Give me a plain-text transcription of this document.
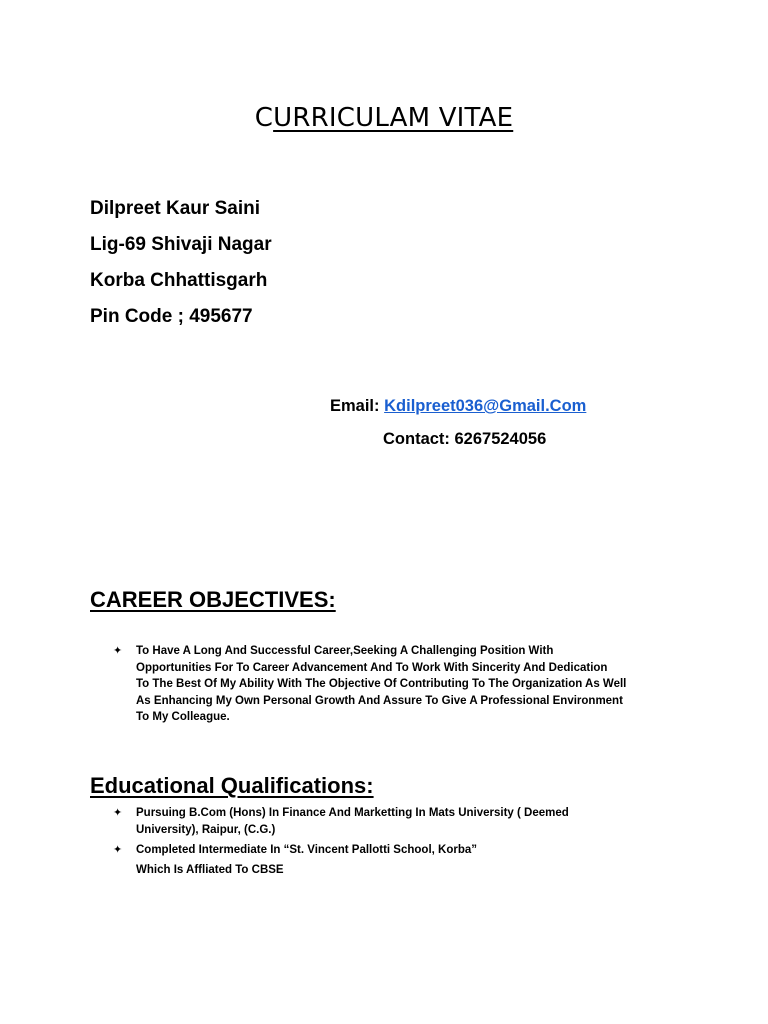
CURRICULAM VITAE
Dilpreet Kaur Saini
Lig-69 Shivaji Nagar
Korba Chhattisgarh
Pin Code ; 495677
Email: Kdilpreet036@Gmail.Com
Contact: 6267524056
CAREER OBJECTIVES:
✦ To Have A Long And Successful Career,Seeking A Challenging Position With
Opportunities For To Career Advancement And To Work With Sincerity And Dedication
To The Best Of My Ability With The Objective Of Contributing To The Organization As Well
As Enhancing My Own Personal Growth And Assure To Give A Professional Environment
To My Colleague.
Educational Qualifications:
✦ Pursuing B.Com (Hons) In Finance And Marketting In Mats University ( Deemed
University), Raipur, (C.G.)
✦ Completed Intermediate In “St. Vincent Pallotti School, Korba”
Which Is Affliated To CBSE
